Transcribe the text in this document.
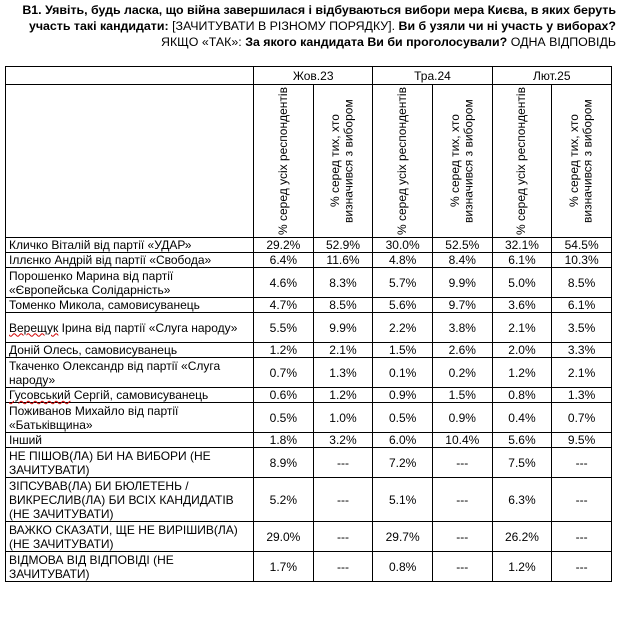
B1. Уявіть, будь ласка, що війна завершилася і відбуваються вибори мера Києва, в яких беруть участь такі кандидати: [ЗАЧИТУВАТИ В РІЗНОМУ ПОРЯДКУ]. Ви б узяли чи ні участь у виборах? ЯКЩО «ТАК»: За якого кандидата Ви би проголосували? ОДНА ВІДПОВІДЬ
	Жов.23		Тра.24		Лют.25	

	% серед усіх респондентів	% серед тих, хто визначився з вибором	% серед усіх респондентів	% серед тих, хто визначився з вибором	% серед усіх респондентів	% серед тих, хто визначився з вибором

Кличко Віталій від партії «УДАР»	29.2%	52.9%	30.0%	52.5%	32.1%	54.5%
Іллєнко Андрій від партії «Свобода»	6.4%	11.6%	4.8%	8.4%	6.1%	10.3%
Порошенко Марина від партії «Європейська Солідарність»	4.6%	8.3%	5.7%	9.9%	5.0%	8.5%
Томенко Микола, самовисуванець	4.7%	8.5%	5.6%	9.7%	3.6%	6.1%
Верещук Ірина від партії «Слуга народу»	5.5%	9.9%	2.2%	3.8%	2.1%	3.5%
Доній Олесь, самовисуванець	1.2%	2.1%	1.5%	2.6%	2.0%	3.3%
Ткаченко Олександр від партії «Слуга народу»	0.7%	1.3%	0.1%	0.2%	1.2%	2.1%
Гусовський Сергій, самовисуванець	0.6%	1.2%	0.9%	1.5%	0.8%	1.3%
Поживанов Михайло від партії «Батьківщина»	0.5%	1.0%	0.5%	0.9%	0.4%	0.7%
Інший	1.8%	3.2%	6.0%	10.4%	5.6%	9.5%
НЕ ПІШОВ(ЛА) БИ НА ВИБОРИ (НЕ ЗАЧИТУВАТИ)	8.9%	---	7.2%	---	7.5%	---
ЗІПСУВАВ(ЛА) БИ БЮЛЕТЕНЬ / ВИКРЕСЛИВ(ЛА) БИ ВСІХ КАНДИДАТІВ (НЕ ЗАЧИТУВАТИ)	5.2%	---	5.1%	---	6.3%	---
ВАЖКО СКАЗАТИ, ЩЕ НЕ ВИРІШИВ(ЛА) (НЕ ЗАЧИТУВАТИ)	29.0%	---	29.7%	---	26.2%	---
ВІДМОВА ВІД ВІДПОВІДІ (НЕ ЗАЧИТУВАТИ)	1.7%	---	0.8%	---	1.2%	---
